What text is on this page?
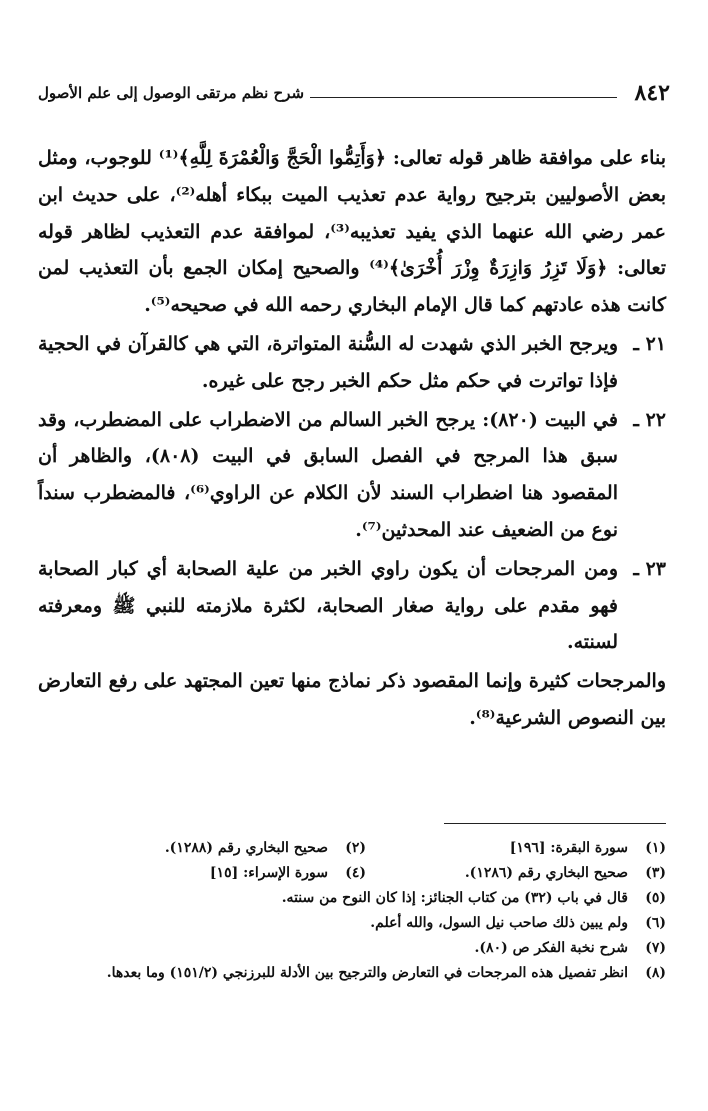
٨٤٢
شرح نظم مرتقى الوصول إلى علم الأصول

بناء على موافقة ظاهر قوله تعالى: ﴿وَأَتِمُّوا الْحَجَّ وَالْعُمْرَةَ لِلَّهِ﴾⁽¹⁾ للوجوب، ومثل بعض الأصوليين بترجيح رواية عدم تعذيب الميت ببكاء أهله⁽²⁾، على حديث ابن عمر رضي الله عنهما الذي يفيد تعذيبه⁽³⁾، لموافقة عدم التعذيب لظاهر قوله تعالى: ﴿وَلَا تَزِرُ وَازِرَةٌ وِزْرَ أُخْرَىٰ﴾⁽⁴⁾ والصحيح إمكان الجمع بأن التعذيب لمن كانت هذه عادتهم كما قال الإمام البخاري رحمه الله في صحيحه⁽⁵⁾.

٢١ ـ
ويرجح الخبر الذي شهدت له السُّنة المتواترة، التي هي كالقرآن في الحجية فإذا تواترت في حكم مثل حكم الخبر رجح على غيره.
٢٢ ـ
في البيت (٨٢٠): يرجح الخبر السالم من الاضطراب على المضطرب، وقد سبق هذا المرجح في الفصل السابق في البيت (٨٠٨)، والظاهر أن المقصود هنا اضطراب السند لأن الكلام عن الراوي⁽⁶⁾، فالمضطرب سنداً نوع من الضعيف عند المحدثين⁽⁷⁾.
٢٣ ـ
ومن المرجحات أن يكون راوي الخبر من علية الصحابة أي كبار الصحابة فهو مقدم على رواية صغار الصحابة، لكثرة ملازمته للنبي ﷺ ومعرفته لسنته.

والمرجحات كثيرة وإنما المقصود ذكر نماذج منها تعين المجتهد على رفع التعارض بين النصوص الشرعية⁽⁸⁾.

(١)
سورة البقرة: [١٩٦]
(٢)
صحيح البخاري رقم (١٢٨٨).
(٣)
صحيح البخاري رقم (١٢٨٦).
(٤)
سورة الإسراء: [١٥]
(٥)
قال في باب (٣٢) من كتاب الجنائز: إذا كان النوح من سنته.
(٦)
ولم يبين ذلك صاحب نيل السول، والله أعلم.
(٧)
شرح نخبة الفكر ص (٨٠).
(٨)
انظر تفصيل هذه المرجحات في التعارض والترجيح بين الأدلة للبرزنجي (١٥١/٢) وما بعدها.
